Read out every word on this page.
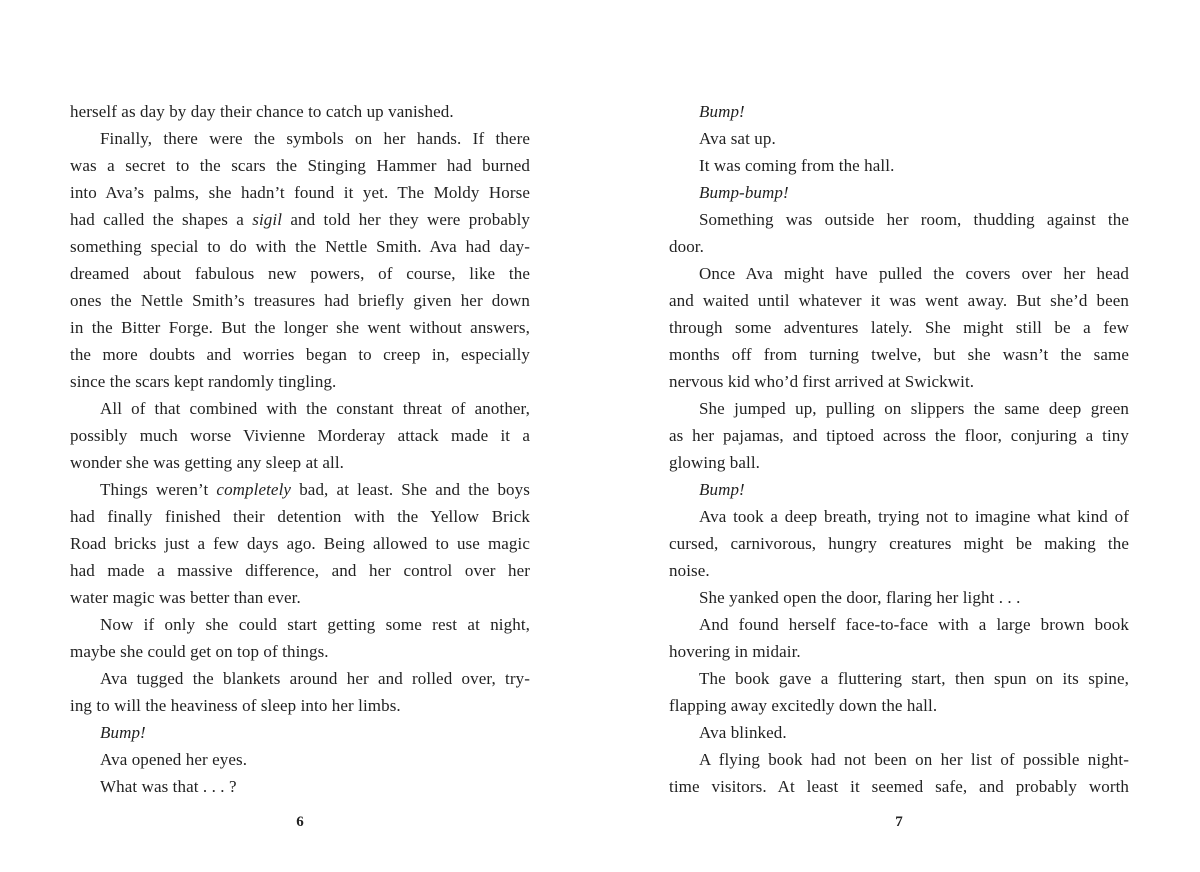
herself as day by day their chance to catch up vanished.
Finally, there were the symbols on her hands. If there
was a secret to the scars the Stinging Hammer had burned
into Ava’s palms, she hadn’t found it yet. The Moldy Horse
had called the shapes a sigil and told her they were probably
something special to do with the Nettle Smith. Ava had day-
dreamed about fabulous new powers, of course, like the
ones the Nettle Smith’s treasures had briefly given her down
in the Bitter Forge. But the longer she went without answers,
the more doubts and worries began to creep in, especially
since the scars kept randomly tingling.
All of that combined with the constant threat of another,
possibly much worse Vivienne Morderay attack made it a
wonder she was getting any sleep at all.
Things weren’t completely bad, at least. She and the boys
had finally finished their detention with the Yellow Brick
Road bricks just a few days ago. Being allowed to use magic
had made a massive difference, and her control over her
water magic was better than ever.
Now if only she could start getting some rest at night,
maybe she could get on top of things.
Ava tugged the blankets around her and rolled over, try-
ing to will the heaviness of sleep into her limbs.
Bump!
Ava opened her eyes.
What was that . . . ?
6
Bump!
Ava sat up.
It was coming from the hall.
Bump-bump!
Something was outside her room, thudding against the
door.
Once Ava might have pulled the covers over her head
and waited until whatever it was went away. But she’d been
through some adventures lately. She might still be a few
months off from turning twelve, but she wasn’t the same
nervous kid who’d first arrived at Swickwit.
She jumped up, pulling on slippers the same deep green
as her pajamas, and tiptoed across the floor, conjuring a tiny
glowing ball.
Bump!
Ava took a deep breath, trying not to imagine what kind of
cursed, carnivorous, hungry creatures might be making the
noise.
She yanked open the door, flaring her light . . .
And found herself face-to-face with a large brown book
hovering in midair.
The book gave a fluttering start, then spun on its spine,
flapping away excitedly down the hall.
Ava blinked.
A flying book had not been on her list of possible night-
time visitors. At least it seemed safe, and probably worth
7
